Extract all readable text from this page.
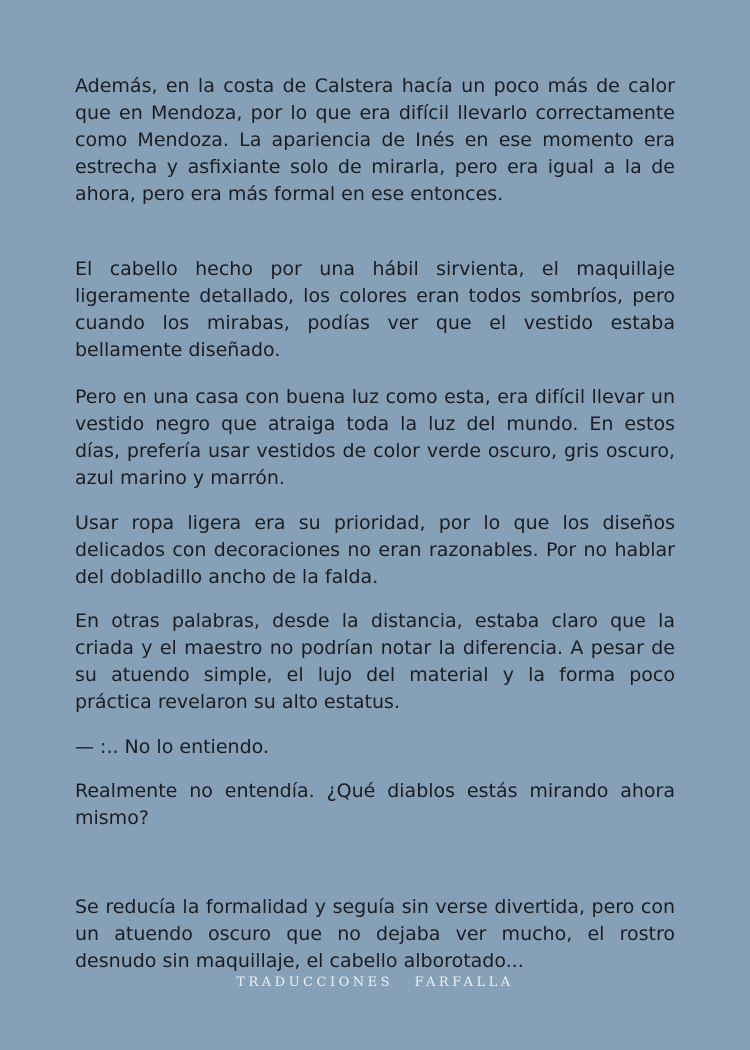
Además, en la costa de Calstera hacía un poco más de calor que en Mendoza, por lo que era difícil llevarlo correctamente como Mendoza. La apariencia de Inés en ese momento era estrecha y asfixiante solo de mirarla, pero era igual a la de ahora, pero era más formal en ese entonces.

El cabello hecho por una hábil sirvienta, el maquillaje ligeramente detallado, los colores eran todos sombríos, pero cuando los mirabas, podías ver que el vestido estaba bellamente diseñado.

Pero en una casa con buena luz como esta, era difícil llevar un vestido negro que atraiga toda la luz del mundo. En estos días, prefería usar vestidos de color verde oscuro, gris oscuro, azul marino y marrón.

Usar ropa ligera era su prioridad, por lo que los diseños delicados con decoraciones no eran razonables. Por no hablar del dobladillo ancho de la falda.

En otras palabras, desde la distancia, estaba claro que la criada y el maestro no podrían notar la diferencia. A pesar de su atuendo simple, el lujo del material y la forma poco práctica revelaron su alto estatus.

— :.. No lo entiendo.

Realmente no entendía. ¿Qué diablos estás mirando ahora mismo?

Se reducía la formalidad y seguía sin verse divertida, pero con un atuendo oscuro que no dejaba ver mucho, el rostro desnudo sin maquillaje, el cabello alborotado...

TRADUCCIONES FARFALLA
